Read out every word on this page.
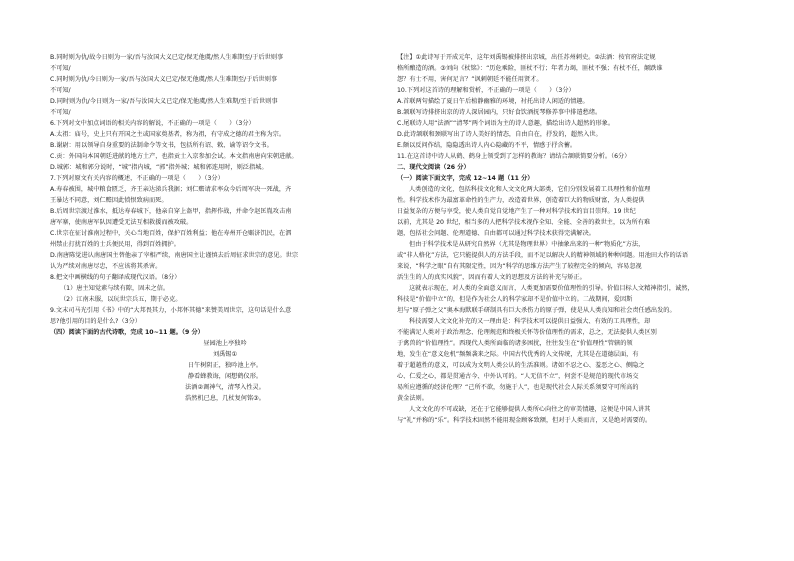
B.同时则为仇/故今日则为一家/吾与汝国大义已定/保无他虞/然人生难期至/于后世则事
不可知/
C.同时则为仇/今日则为一家/吾与汝国大义已定/保无他虞/然人生难期至/于后世则事
不可知/
D.同时则为仇/今日则为一家/吾与汝国大义已定/保无他虞/然人生难期/至于后世则事
不可知/
6.下列对文中加点词语的相关内容的解说，不正确的一项是（　　）（3分）
A.太祖：庙号，史上只有开国之主或国家奠基者，称为祖，有守成之德的君主称为宗。
B.谢尉：用以领导自身重要的法制命令等文书，包括所有诏、敕、谕等诏令文书。
C.贡：外国向本国朝廷进献的地方土产，也指贡士入京参加会试。本文指南唐向宋朝进献。
D.城郭：城和郭分说时，“城”指内城，“郭”指外城；城和郭连用时，则泛指城。
7.下列对原文有关内容的概述，不正确的一项是（　　）（3分）
A.寿春被围，城中粮食匮乏，齐王亲达涕兵我据；刘仁赡请求率众今后周军决一死战，齐
王暴达不同意，刘仁赡因此愤恨致病而死。
B.后周世宗渡过淮水，抵达寿春城下，他亲自穿上盔甲，指挥作战，并命令赵匡胤攻击南
唐军寨，使南唐军队因遭受无法互相救援而被攻破。
C.世宗在征讨淮南过程中，关心当地百姓，保护百姓利益；他在寿州开仓赈济饥民，在泗
州禁止打扰百姓的士兵便民用，得到百姓拥护。
D.南唐陈觉进认南唐国主替他亲了宰相严续，南唐国主让谨慎去后周征求世宗的意见。世宗
认为严续对南唐尽忠，不应该将其杀害。
8.把文中画横线的句子翻译成现代汉语。（8分）
（1）唐主知觉素与续有隙，固未之信。
（2）江南未服，以玩世宗兵五，期于必克。
9.文末司马光引用《书》中的“大邦畏其力，小邦怀其德”来赞美周世宗，这句话是什么意
思?他引用的目的是什么?（3分）
（四）阅读下面的古代诗歌，完成 10~11 题。（9 分）
昼园池上亭独吟
刘禹锡①
日午树阴正，独吟池上亭。
静看蜂教诲，闲想鹤仪形。
法酒②调神气，清琴入性灵。
浩然机已息，几杖复何铭③。
【注】①此诗写于开成元年，这年刘禹锡被排挤出京城，出任苏州刺史。②法酒：按官府法定规
格所酿造的酒。③刘向《杖铭》：“历危乘险，匪杖不行；年者力竭，匪杖不强；有杖不任，颠跌谁
怨？有士不用，害何足言？”讽刺朝廷不能任用贤才。
10.下列对这首诗的理解和赏析，不正确的一项是（　　）（3分）
A.首联两句描绘了夏日午后植静幽雅的环境，衬托出诗人闲适的情趣。
B.颔联写诗排挤出京的诗人深居园内，只好食饮酒抚琴修养事中排遣愁绪。
C.尾联诗人用“法酒”“清琴”两个词语为主的诗人意趣，描绘出诗人超然的形象。
D.此诗颔联和颈联写出了诗人美好的情态，自由自在，抒发的，超然入世。
E.颇以反问作结，隐隐透出诗人内心隐藏的不平，情感于抒含蓄。
11.在这首诗中诗人从鹤、鹤身上领受到了怎样的教诲？请结合颔联简要分析。（6分）
二、现代文阅读（26 分）
（一）阅读下面文字，完成 12~14 题（11 分）
人类创造的文化，包括科技文化和人文文化两大部类，它们分别发展着工具理性和价值理
性。科学技术作为最富革命性的生产力，改造着世界，创造着巨大的物质财富，为人类提供
日益复杂的方便与享受，使人类自觉自觉地产生了一种对科学技术的盲目崇拜。19 世纪
以前，尤其是 20 世纪，相当多的人把科学技术视作全知、全能、全善的救世主，以为所有难
题，包括社会问题、伦理道德、自由都可以通过科学技术获得完满解决。
但由于科学技术是从研究自然界（尤其是物理世界）中抽象出来的一种“物质化”方法，
或“非人格化”方法，它只能提供人的方法手段，而不足以解决人的精神领域的种种问题。用池田大作的话语
来说，“科学之眼”自有其限定性，因为“科学的思维方法产生了较程完全的倾向，容易忽视
活生生的人的真实风貌”，因而有着人文的思想及方法的补充与矫正。
这就表示现在，对人类的全面意义而言，人类更加需要价值理性的引导。价值目标人文精神指引，诚然，
科技是“价值中立”的，但是作为社会人的科学家却不是价值中立的。二战期间，爱因斯
坦与“原子弹之父”奥本海默联手研制具有巨大杀伤力的原子弹，使是从人类良知和社会责任感出发的。
科技需要人文文化补充的又一理由是：科学技术可以提供日益强大、有效的工具理性，却
不能满足人类对于政治理念、伦理规范和终极关怀等价值理性的需求，总之，无法提供人类区别
于禽兽的“价值理性”。西现代人类所面临的诸多困扰，往往发生在“价值理性”管辖的领
地，发生在“意义危机”频频袭来之际。中国古代优秀的人文传统，尤其是在道德层面，有
着于超越性的意义，可以成为文明人类公认的生活准则。诸如不忍之心、羞恶之心、侧隐之
心、仁爱之心，都是贯通古今、中外认可的。“人无信不立”，何尝不是规范的现代市场交
易所应遵循的经济伦理？“己所不欲，勿施于人”，也是现代社会人际关系须要守可所高的
黄金法则。
人文文化的不可或缺，还在于它能够提供人类所心向往之的审美情趣，这便是中国人讲其
与“礼”并称的“乐”。科学技术固然不能用现金顾客致额，但对于人类而言，又是绝对需要的。
